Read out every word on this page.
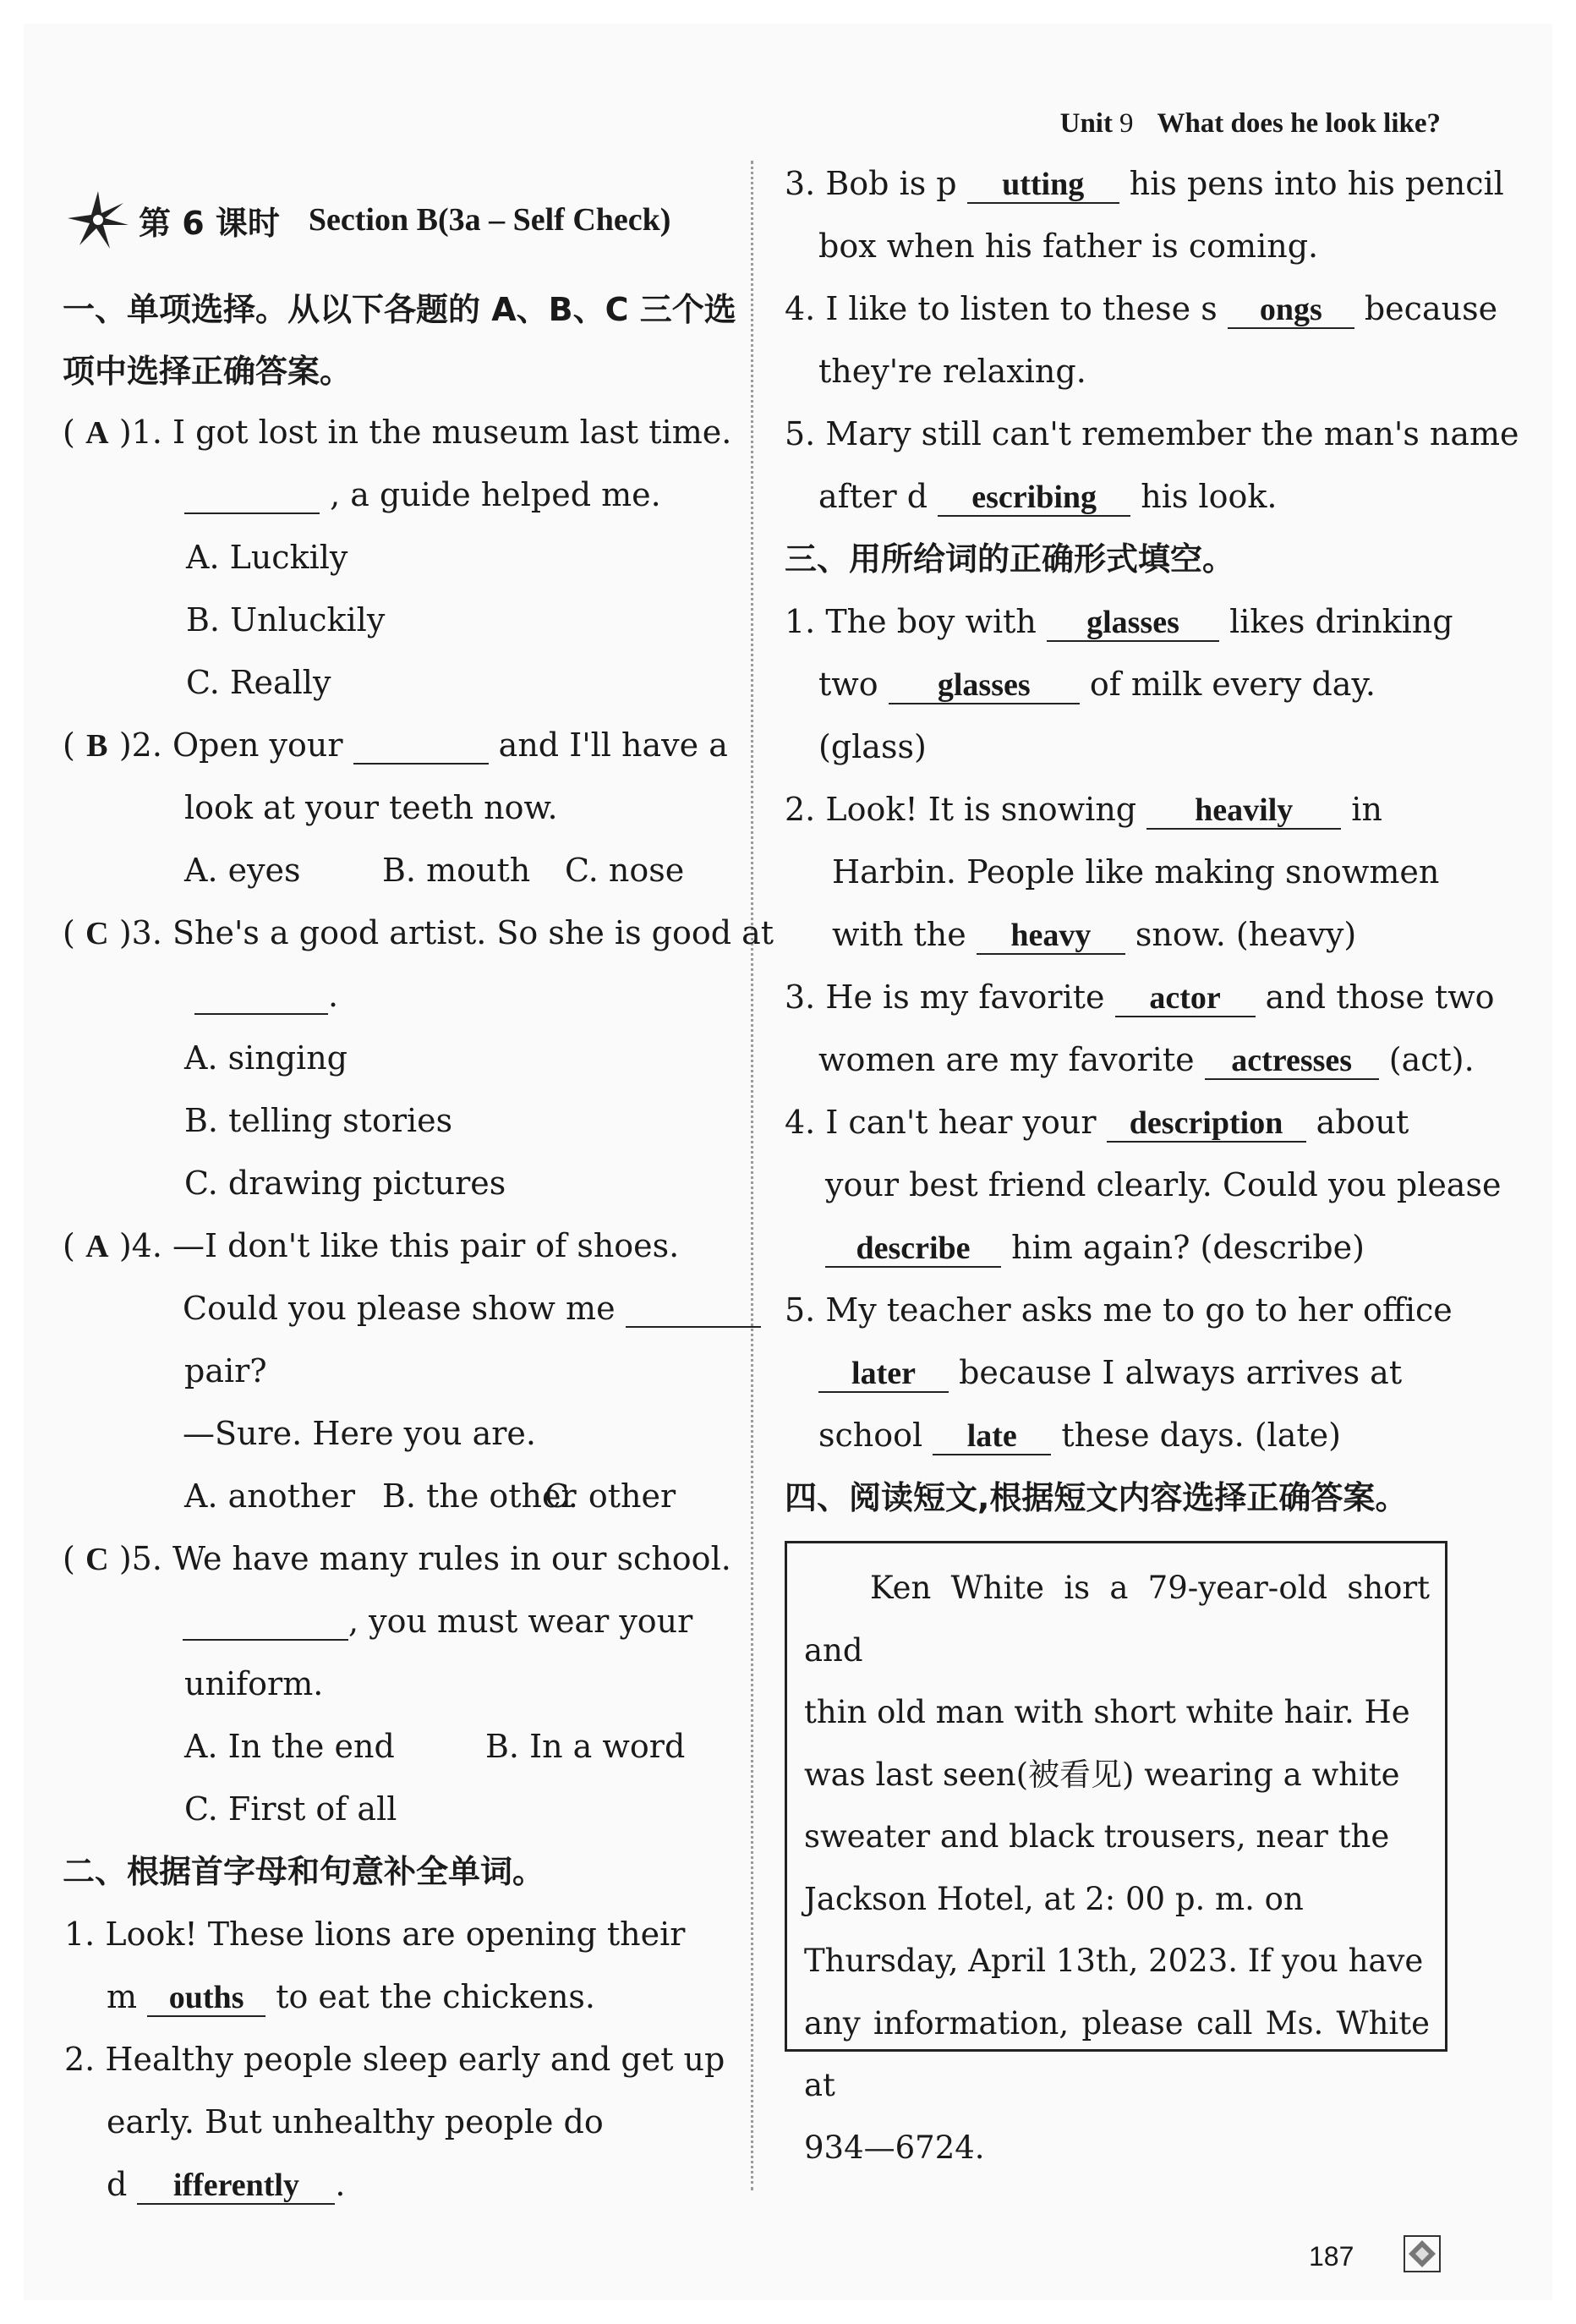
Unit 9 What does he look like?
第 6 课时 Section B(3a – Self Check)
一、单项选择。从以下各题的 A、B、C 三个选
项中选择正确答案。
( A )1. I got lost in the museum last time.
, a guide helped me.
A. Luckily
B. Unluckily
C. Really
( B )2. Open your	and I'll have a
look at your teeth now.
A. eyes	B. mouth C. nose
( C )3. She's a good artist. So she is good at
.
A. singing
B. telling stories
C. drawing pictures
( A )4. —I don't like this pair of shoes.
Could you please show me
pair?
—Sure. Here you are.
A. another B. the other
C. other
( C )5. We have many rules in our school.
, you must wear your
uniform.
A. In the end	B. In a word
C. First of all
二、根据首字母和句意补全单词。
1. Look! These lions are opening their
m ouths to eat the chickens.
2. Healthy people sleep early and get up
early. But unhealthy people do
d ifferently .
3. Bob is p utting his pens into his pencil
box when his father is coming.
4. I like to listen to these s ongs because
they're relaxing.
5. Mary still can't remember the man's name
after d escribing his look.
三、用所给词的正确形式填空。
1. The boy with glasses likes drinking
two glasses of milk every day.
(glass)
2. Look! It is snowing heavily in
Harbin. People like making snowmen
with the heavy snow. (heavy)
3. He is my favorite actor and those two
women are my favorite actresses (act).
4. I can't hear your description about
your best friend clearly. Could you please
describe him again? (describe)
5. My teacher asks me to go to her office
later because I always arrives at
school late these days. (late)
四、阅读短文,根据短文内容选择正确答案。
Ken White is a 79-year-old short and
thin old man with short white hair. He
was last seen(被看见) wearing a white
sweater and black trousers, near the
Jackson Hotel, at 2: 00 p. m. on
Thursday, April 13th, 2023. If you have
any information, please call Ms. White at
934—6724.
187
